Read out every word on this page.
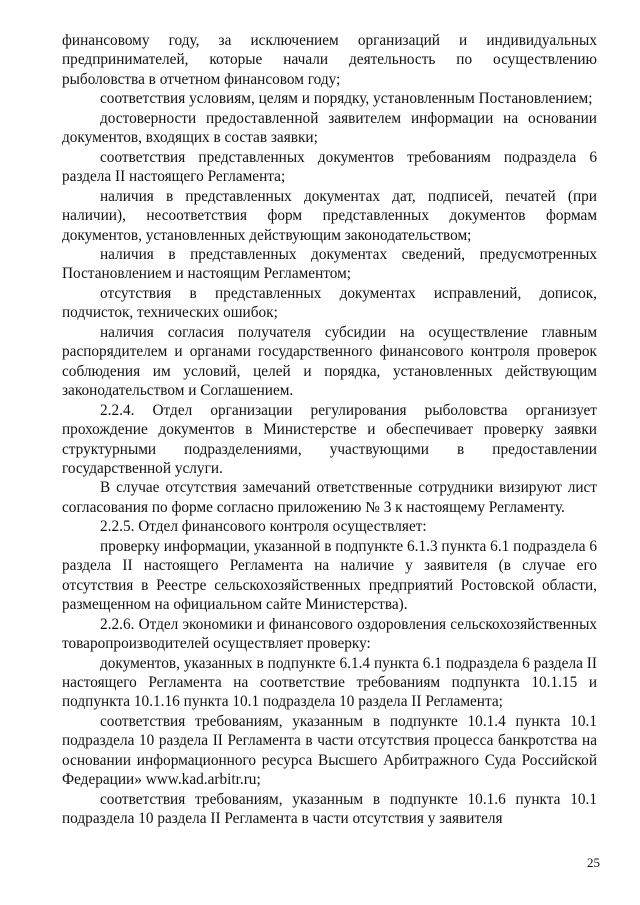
финансовому году, за исключением организаций и индивидуальных предпринимателей, которые начали деятельность по осуществлению рыболовства в отчетном финансовом году;

соответствия условиям, целям и порядку, установленным Постановлением;

достоверности предоставленной заявителем информации на основании документов, входящих в состав заявки;

соответствия представленных документов требованиям подраздела 6 раздела II настоящего Регламента;

наличия в представленных документах дат, подписей, печатей (при наличии), несоответствия форм представленных документов формам документов, установленных действующим законодательством;

наличия в представленных документах сведений, предусмотренных Постановлением и настоящим Регламентом;

отсутствия в представленных документах исправлений, дописок, подчисток, технических ошибок;

наличия согласия получателя субсидии на осуществление главным распорядителем и органами государственного финансового контроля проверок соблюдения им условий, целей и порядка, установленных действующим законодательством и Соглашением.

2.2.4. Отдел организации регулирования рыболовства организует прохождение документов в Министерстве и обеспечивает проверку заявки структурными подразделениями, участвующими в предоставлении государственной услуги.

В случае отсутствия замечаний ответственные сотрудники визируют лист согласования по форме согласно приложению № 3 к настоящему Регламенту.

2.2.5. Отдел финансового контроля осуществляет:

проверку информации, указанной в подпункте 6.1.3 пункта 6.1 подраздела 6 раздела II настоящего Регламента на наличие у заявителя (в случае его отсутствия в Реестре сельскохозяйственных предприятий Ростовской области, размещенном на официальном сайте Министерства).

2.2.6. Отдел экономики и финансового оздоровления сельскохозяйственных товаропроизводителей осуществляет проверку:

документов, указанных в подпункте 6.1.4 пункта 6.1 подраздела 6 раздела II настоящего Регламента на соответствие требованиям подпункта 10.1.15 и подпункта 10.1.16 пункта 10.1 подраздела 10 раздела II Регламента;

соответствия требованиям, указанным в подпункте 10.1.4 пункта 10.1 подраздела 10 раздела II Регламента в части отсутствия процесса банкротства на основании информационного ресурса Высшего Арбитражного Суда Российской Федерации» www.kad.arbitr.ru;

соответствия требованиям, указанным в подпункте 10.1.6 пункта 10.1 подраздела 10 раздела II Регламента в части отсутствия у заявителя

25
